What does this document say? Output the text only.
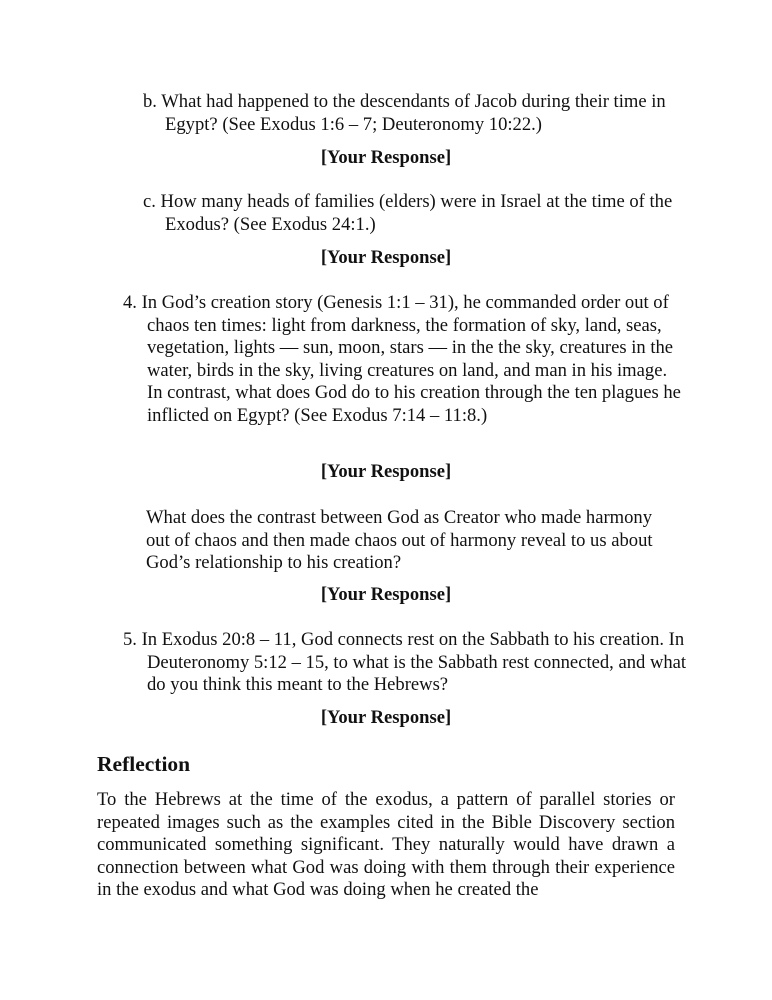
b. What had happened to the descendants of Jacob during their time in Egypt? (See Exodus 1:6 – 7; Deuteronomy 10:22.)

[Your Response]

c. How many heads of families (elders) were in Israel at the time of the Exodus? (See Exodus 24:1.)

[Your Response]

4. In God’s creation story (Genesis 1:1 – 31), he commanded order out of chaos ten times: light from darkness, the formation of sky, land, seas, vegetation, lights — sun, moon, stars — in the the sky, creatures in the water, birds in the sky, living creatures on land, and man in his image. In contrast, what does God do to his creation through the ten plagues he inflicted on Egypt? (See Exodus 7:14 – 11:8.)

[Your Response]

What does the contrast between God as Creator who made harmony out of chaos and then made chaos out of harmony reveal to us about God’s relationship to his creation?

[Your Response]

5. In Exodus 20:8 – 11, God connects rest on the Sabbath to his creation. In Deuteronomy 5:12 – 15, to what is the Sabbath rest connected, and what do you think this meant to the Hebrews?

[Your Response]

Reflection

To the Hebrews at the time of the exodus, a pattern of parallel stories or repeated images such as the examples cited in the Bible Discovery section communicated something significant. They naturally would have drawn a connection between what God was doing with them through their experience in the exodus and what God was doing when he created the
